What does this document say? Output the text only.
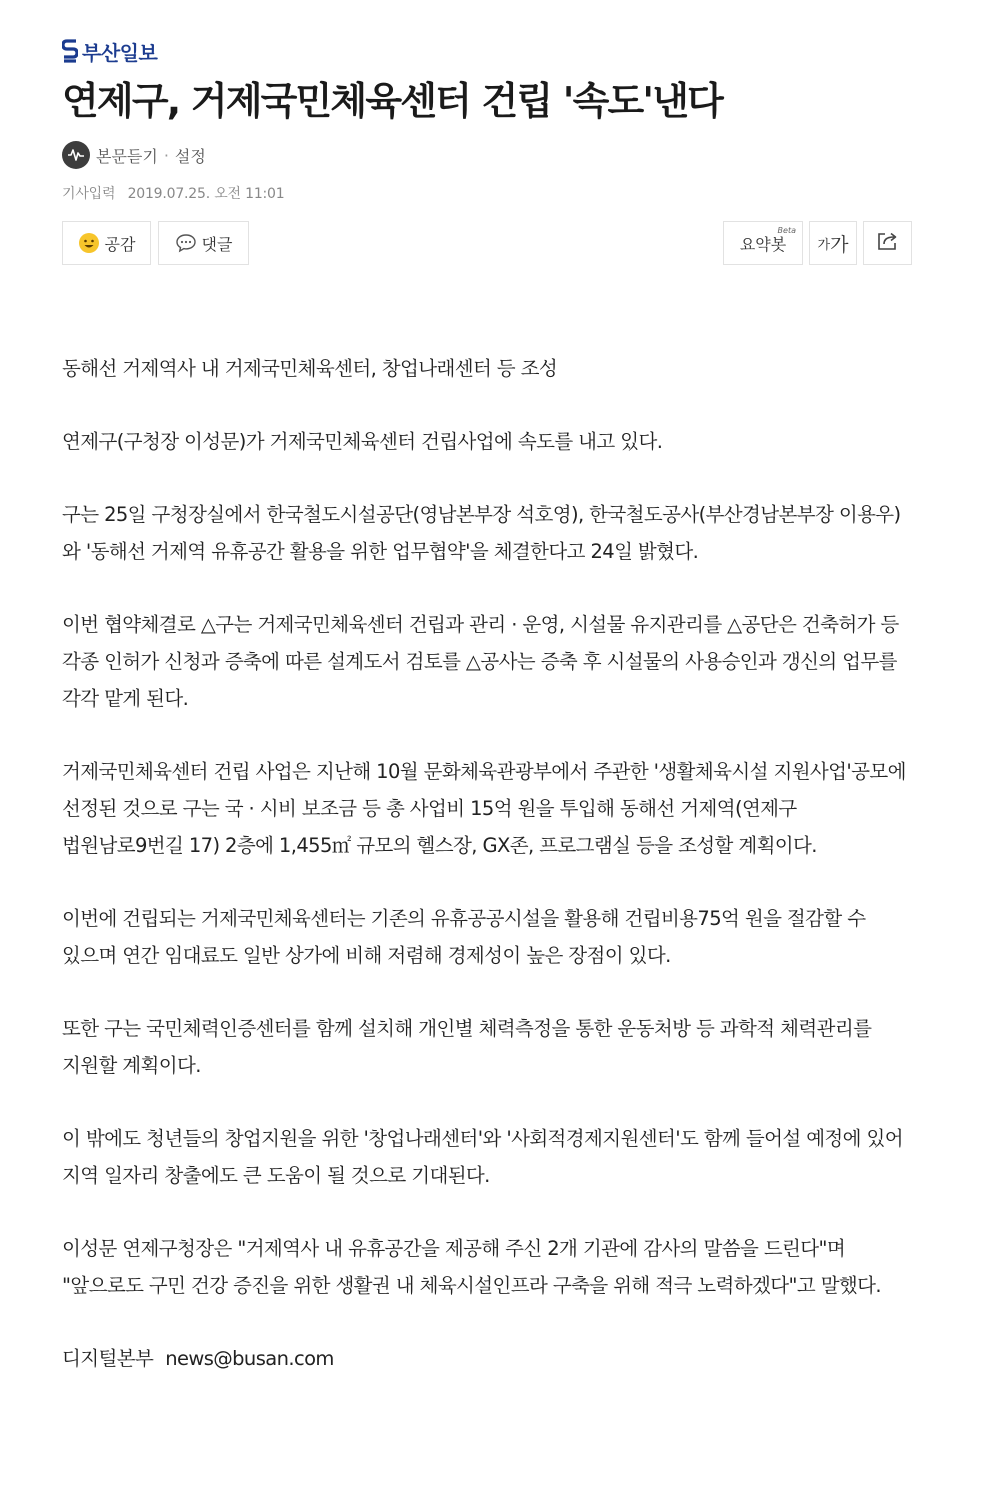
부산일보
연제구, 거제국민체육센터 건립 '속도'낸다
본문듣기 · 설정
기사입력 2019.07.25. 오전 11:01
공감	댓글	요약봇
Beta
가 가

동해선 거제역사 내 거제국민체육센터, 창업나래센터 등 조성

연제구(구청장 이성문)가 거제국민체육센터 건립사업에 속도를 내고 있다.

구는 25일 구청장실에서 한국철도시설공단(영남본부장 석호영), 한국철도공사(부산경남본부장 이용우)와 '동해선 거제역 유휴공간 활용을 위한 업무협약'을 체결한다고 24일 밝혔다.

이번 협약체결로 △구는 거제국민체육센터 건립과 관리 · 운영, 시설물 유지관리를 △공단은 건축허가 등 각종 인허가 신청과 증축에 따른 설계도서 검토를 △공사는 증축 후 시설물의 사용승인과 갱신의 업무를 각각 맡게 된다.

거제국민체육센터 건립 사업은 지난해 10월 문화체육관광부에서 주관한 '생활체육시설 지원사업'공모에 선정된 것으로 구는 국 · 시비 보조금 등 총 사업비 15억 원을 투입해 동해선 거제역(연제구 법원남로9번길 17) 2층에 1,455㎡ 규모의 헬스장, GX존, 프로그램실 등을 조성할 계획이다.

이번에 건립되는 거제국민체육센터는 기존의 유휴공공시설을 활용해 건립비용75억 원을 절감할 수 있으며 연간 임대료도 일반 상가에 비해 저렴해 경제성이 높은 장점이 있다.

또한 구는 국민체력인증센터를 함께 설치해 개인별 체력측정을 통한 운동처방 등 과학적 체력관리를 지원할 계획이다.

이 밖에도 청년들의 창업지원을 위한 '창업나래센터'와 '사회적경제지원센터'도 함께 들어설 예정에 있어 지역 일자리 창출에도 큰 도움이 될 것으로 기대된다.

이성문 연제구청장은 "거제역사 내 유휴공간을 제공해 주신 2개 기관에 감사의 말씀을 드린다"며 "앞으로도 구민 건강 증진을 위한 생활권 내 체육시설인프라 구축을 위해 적극 노력하겠다"고 말했다.

디지털본부 news@busan.com
